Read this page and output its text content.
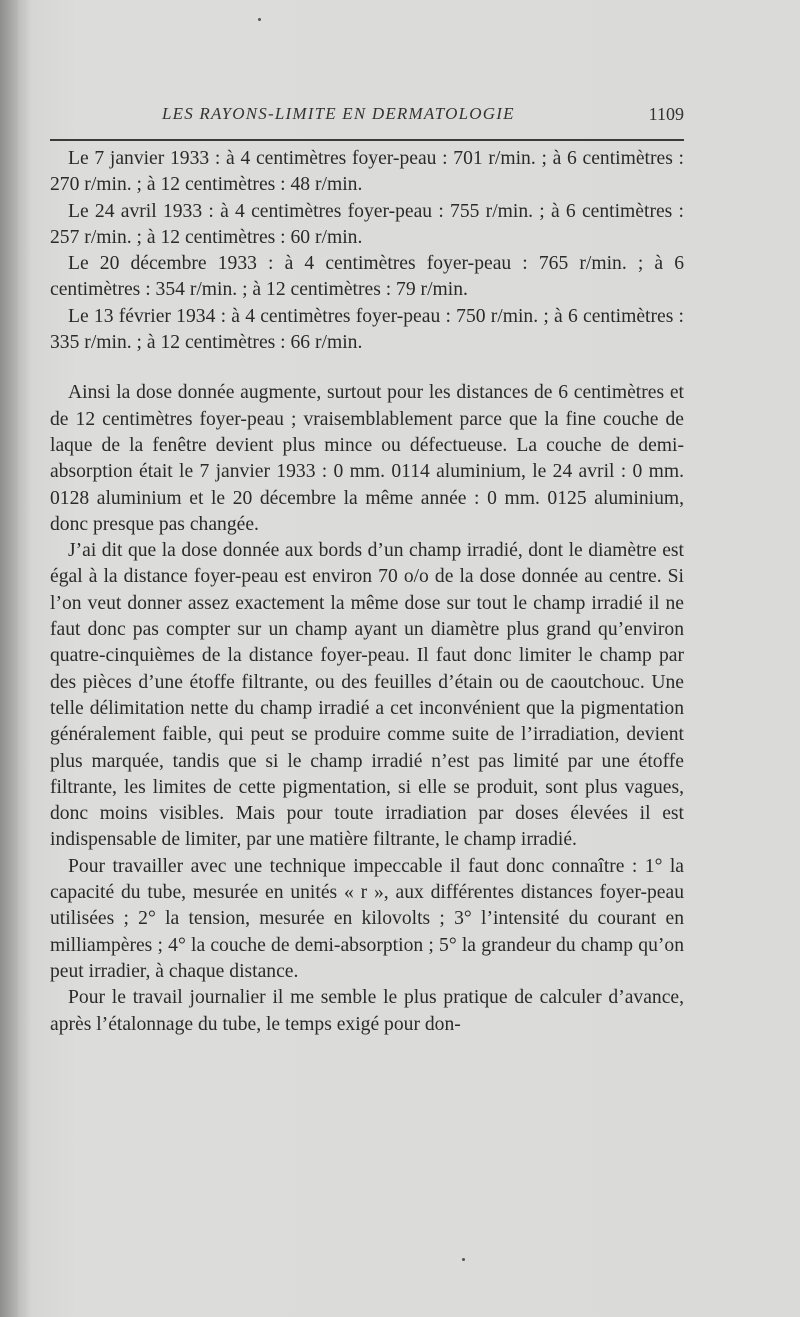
LES RAYONS-LIMITE EN DERMATOLOGIE	1109

Le 7 janvier 1933 : à 4 centimètres foyer-peau : 701 r/min. ; à 6 centimètres : 270 r/min. ; à 12 centimètres : 48 r/min.

Le 24 avril 1933 : à 4 centimètres foyer-peau : 755 r/min. ; à 6 centimètres : 257 r/min. ; à 12 centimètres : 60 r/min.

Le 20 décembre 1933 : à 4 centimètres foyer-peau : 765 r/min. ; à 6 centimètres : 354 r/min. ; à 12 centimètres : 79 r/min.

Le 13 février 1934 : à 4 centimètres foyer-peau : 750 r/min. ; à 6 centimètres : 335 r/min. ; à 12 centimètres : 66 r/min.

Ainsi la dose donnée augmente, surtout pour les distances de 6 centimètres et de 12 centimètres foyer-peau ; vraisemblablement parce que la fine couche de laque de la fenêtre devient plus mince ou défectueuse. La couche de demi-absorption était le 7 janvier 1933 : 0 mm. 0114 aluminium, le 24 avril : 0 mm. 0128 aluminium et le 20 décembre la même année : 0 mm. 0125 aluminium, donc presque pas changée.

J’ai dit que la dose donnée aux bords d’un champ irradié, dont le diamètre est égal à la distance foyer-peau est environ 70 o/o de la dose donnée au centre. Si l’on veut donner assez exactement la même dose sur tout le champ irradié il ne faut donc pas compter sur un champ ayant un diamètre plus grand qu’environ quatre-cinquièmes de la distance foyer-peau. Il faut donc limiter le champ par des pièces d’une étoffe filtrante, ou des feuilles d’étain ou de caoutchouc. Une telle délimitation nette du champ irradié a cet inconvénient que la pigmentation généralement faible, qui peut se produire comme suite de l’irradiation, devient plus marquée, tandis que si le champ irradié n’est pas limité par une étoffe filtrante, les limites de cette pigmentation, si elle se produit, sont plus vagues, donc moins visibles. Mais pour toute irradiation par doses élevées il est indispensable de limiter, par une matière filtrante, le champ irradié.

Pour travailler avec une technique impeccable il faut donc connaître : 1° la capacité du tube, mesurée en unités « r », aux différentes distances foyer-peau utilisées ; 2° la tension, mesurée en kilovolts ; 3° l’intensité du courant en milliampères ; 4° la couche de demi-absorption ; 5° la grandeur du champ qu’on peut irradier, à chaque distance.

Pour le travail journalier il me semble le plus pratique de calculer d’avance, après l’étalonnage du tube, le temps exigé pour don-
